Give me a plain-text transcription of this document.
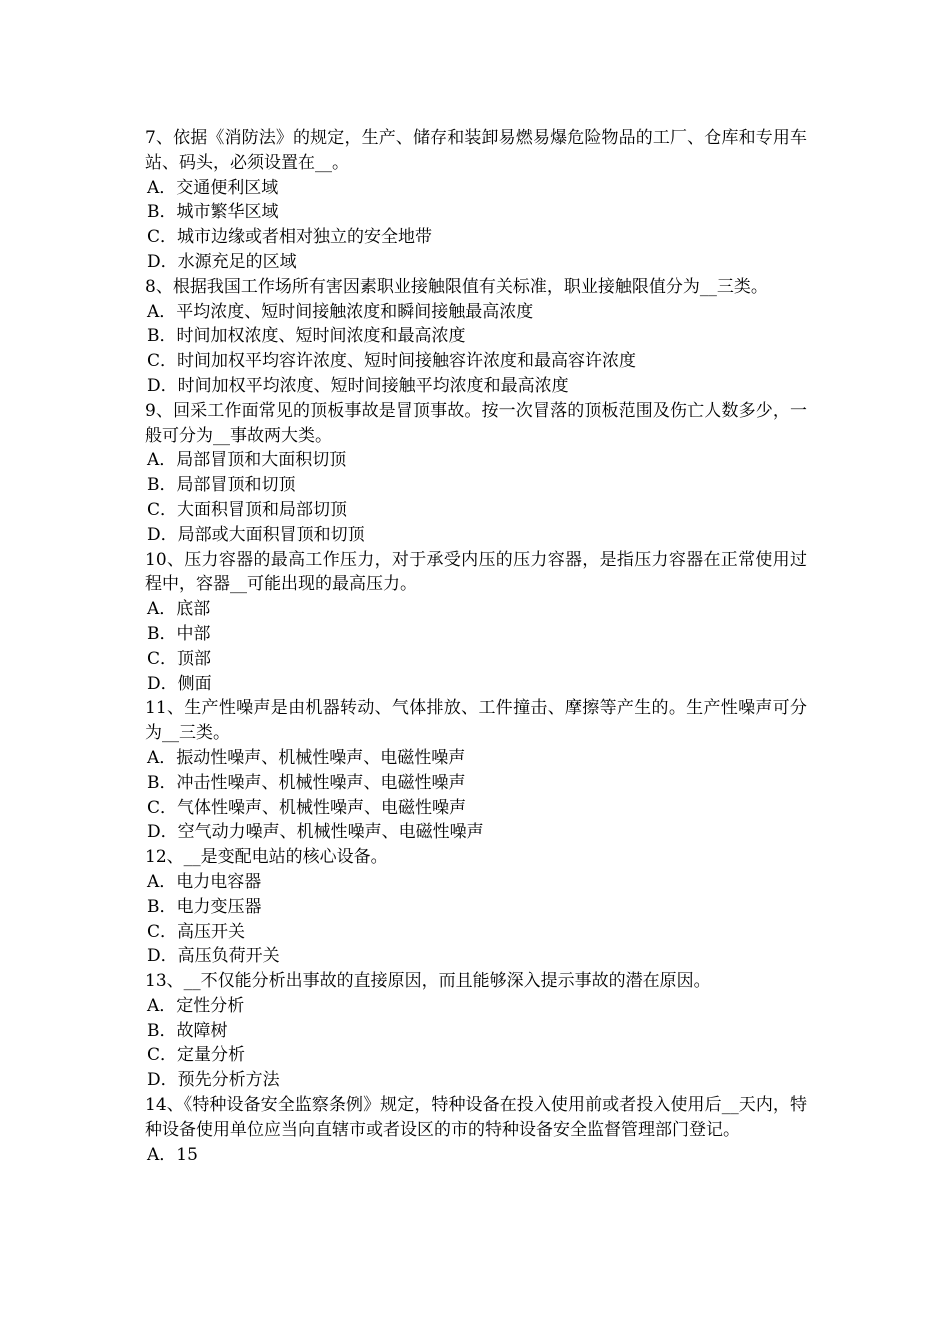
7、依据《消防法》的规定，生产、储存和装卸易燃易爆危险物品的工厂、仓库和专用车站、码头，必须设置在__。

A．交通便利区域
B．城市繁华区域
C．城市边缘或者相对独立的安全地带
D．水源充足的区域

8、根据我国工作场所有害因素职业接触限值有关标准，职业接触限值分为__三类。

A．平均浓度、短时间接触浓度和瞬间接触最高浓度
B．时间加权浓度、短时间浓度和最高浓度
C．时间加权平均容许浓度、短时间接触容许浓度和最高容许浓度
D．时间加权平均浓度、短时间接触平均浓度和最高浓度

9、回采工作面常见的顶板事故是冒顶事故。按一次冒落的顶板范围及伤亡人数多少，一般可分为__事故两大类。

A．局部冒顶和大面积切顶
B．局部冒顶和切顶
C．大面积冒顶和局部切顶
D．局部或大面积冒顶和切顶

10、压力容器的最高工作压力，对于承受内压的压力容器，是指压力容器在正常使用过程中，容器__可能出现的最高压力。

A．底部
B．中部
C．顶部
D．侧面

11、生产性噪声是由机器转动、气体排放、工件撞击、摩擦等产生的。生产性噪声可分为__三类。

A．振动性噪声、机械性噪声、电磁性噪声
B．冲击性噪声、机械性噪声、电磁性噪声
C．气体性噪声、机械性噪声、电磁性噪声
D．空气动力噪声、机械性噪声、电磁性噪声

12、__是变配电站的核心设备。

A．电力电容器
B．电力变压器
C．高压开关
D．高压负荷开关

13、__不仅能分析出事故的直接原因，而且能够深入提示事故的潜在原因。

A．定性分析
B．故障树
C．定量分析
D．预先分析方法

14、《特种设备安全监察条例》规定，特种设备在投入使用前或者投入使用后__天内，特种设备使用单位应当向直辖市或者设区的市的特种设备安全监督管理部门登记。

A．15
